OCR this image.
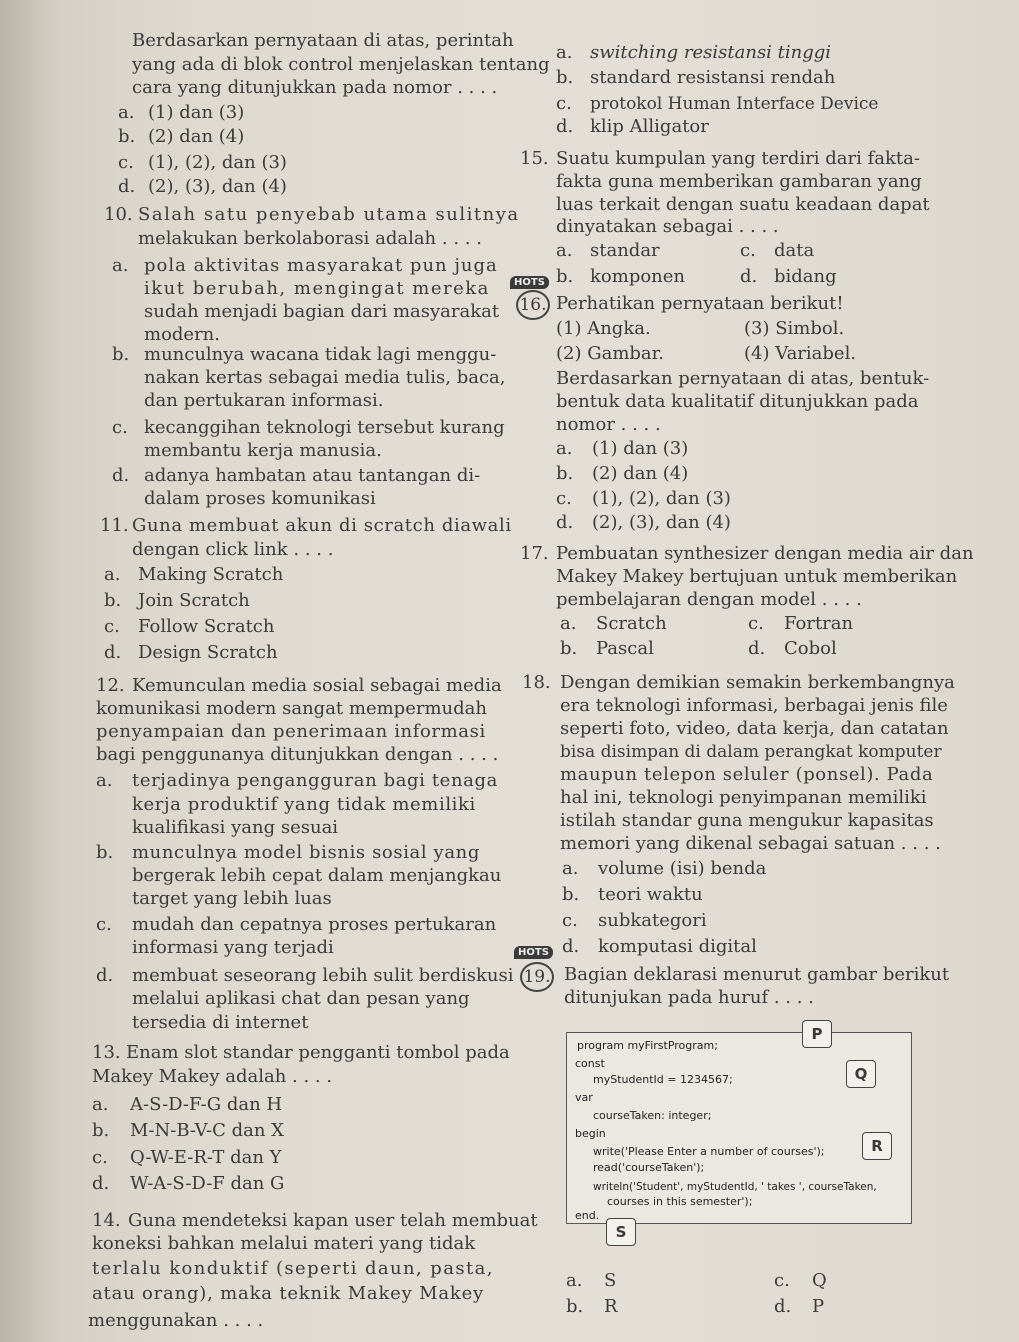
Berdasarkan pernyataan di atas, perintah
yang ada di blok control menjelaskan tentang
cara yang ditunjukkan pada nomor . . . .
a. (1) dan (3)
b. (2) dan (4)
c. (1), (2), dan (3)
d. (2), (3), dan (4)
10. Salah satu penyebab utama sulitnya
melakukan berkolaborasi adalah . . . .
a. pola aktivitas masyarakat pun juga
ikut berubah, mengingat mereka
sudah menjadi bagian dari masyarakat
modern.
b. munculnya wacana tidak lagi menggu-
nakan kertas sebagai media tulis, baca,
dan pertukaran informasi.
c. kecanggihan teknologi tersebut kurang
membantu kerja manusia.
d. adanya hambatan atau tantangan di-
dalam proses komunikasi
11. Guna membuat akun di scratch diawali
dengan click link . . . .
a. Making Scratch
b. Join Scratch
c. Follow Scratch
d. Design Scratch
12. Kemunculan media sosial sebagai media
komunikasi modern sangat mempermudah
penyampaian dan penerimaan informasi
bagi penggunanya ditunjukkan dengan . . . .
a. terjadinya pengangguran bagi tenaga
kerja produktif yang tidak memiliki
kualifikasi yang sesuai
b. munculnya model bisnis sosial yang
bergerak lebih cepat dalam menjangkau
target yang lebih luas
c. mudah dan cepatnya proses pertukaran
informasi yang terjadi
d. membuat seseorang lebih sulit berdiskusi
melalui aplikasi chat dan pesan yang
tersedia di internet
13. Enam slot standar pengganti tombol pada
Makey Makey adalah . . . .
a. A-S-D-F-G dan H
b. M-N-B-V-C dan X
c. Q-W-E-R-T dan Y
d. W-A-S-D-F dan G
14. Guna mendeteksi kapan user telah membuat
koneksi bahkan melalui materi yang tidak
terlalu konduktif (seperti daun, pasta,
atau orang), maka teknik Makey Makey
menggunakan . . . .
a. switching resistansi tinggi
b. standard resistansi rendah
c. protokol Human Interface Device
d. klip Alligator
15. Suatu kumpulan yang terdiri dari fakta-
fakta guna memberikan gambaran yang
luas terkait dengan suatu keadaan dapat
dinyatakan sebagai . . . .
a. standar
b. komponen
c. data
d. bidang
HOTS
16. Perhatikan pernyataan berikut!
(1) Angka.
(2) Gambar.
(3) Simbol.
(4) Variabel.
Berdasarkan pernyataan di atas, bentuk-
bentuk data kualitatif ditunjukkan pada
nomor . . . .
a. (1) dan (3)
b. (2) dan (4)
c. (1), (2), dan (3)
d. (2), (3), dan (4)
17. Pembuatan synthesizer dengan media air dan
Makey Makey bertujuan untuk memberikan
pembelajaran dengan model . . . .
a. Scratch
b. Pascal
c. Fortran
d. Cobol
18. Dengan demikian semakin berkembangnya
era teknologi informasi, berbagai jenis file
seperti foto, video, data kerja, dan catatan
bisa disimpan di dalam perangkat komputer
maupun telepon seluler (ponsel). Pada
hal ini, teknologi penyimpanan memiliki
istilah standar guna mengukur kapasitas
memori yang dikenal sebagai satuan . . . .
a. volume (isi) benda
b. teori waktu
c. subkategori
d. komputasi digital
HOTS
19. Bagian deklarasi menurut gambar berikut
ditunjukan pada huruf . . . .
program myFirstProgram;
const
myStudentId = 1234567;
var
courseTaken: integer;
begin
write('Please Enter a number of courses');
read('courseTaken');
writeln('Student', myStudentId, ' takes ', courseTaken,
courses in this semester');
end.
P
Q
R
S
a. S
b. R
c. Q
d. P
